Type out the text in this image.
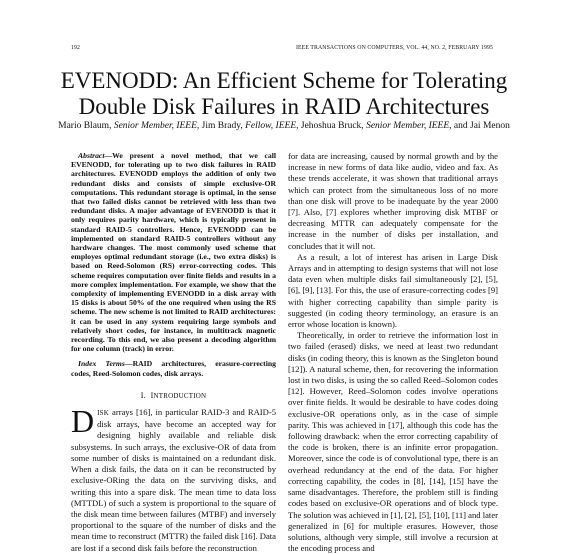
192	IEEE TRANSACTIONS ON COMPUTERS, VOL. 44, NO. 2, FEBRUARY 1995
EVENODD: An Efficient Scheme for Tolerating
Double Disk Failures in RAID Architectures
Mario Blaum, Senior Member, IEEE, Jim Brady, Fellow, IEEE, Jehoshua Bruck, Senior Member, IEEE, and Jai Menon

Abstract—We present a novel method, that we call EVENODD, for tolerating up to two disk failures in RAID architectures. EVENODD employs the addition of only two redundant disks and consists of simple exclusive-OR computations. This redundant storage is optimal, in the sense that two failed disks cannot be retrieved with less than two redundant disks. A major advantage of EVENODD is that it only requires parity hardware, which is typically present in standard RAID-5 controllers. Hence, EVENODD can be implemented on standard RAID-5 controllers without any hardware changes. The most commonly used scheme that employes optimal redundant storage (i.e., two extra disks) is based on Reed-Solomon (RS) error-correcting codes. This scheme requires computation over finite fields and results in a more complex implementation. For example, we show that the complexity of implementing EVENODD in a disk array with 15 disks is about 50% of the one required when using the RS scheme. The new scheme is not limited to RAID architectures: it can be used in any system requiring large symbols and relatively short codes, for instance, in multitrack magnetic recording. To this end, we also present a decoding algorithm for one column (track) in error.

Index Terms—RAID architectures, erasure-correcting codes, Reed-Solomon codes, disk arrays.

I. INTRODUCTION

DISK arrays [16], in particular RAID-3 and RAID-5 disk arrays, have become an accepted way for designing highly available and reliable disk subsystems. In such arrays, the exclusive-OR of data from some number of disks is maintained on a redundant disk. When a disk fails, the data on it can be reconstructed by exclusive-ORing the data on the surviving disks, and writing this into a spare disk. The mean time to data loss (MTTDL) of such a system is proportional to the square of the disk mean time between failures (MTBF) and inversely proportional to the square of the number of disks and the mean time to reconstruct (MTTR) the failed disk [16]. Data are lost if a second disk fails before the reconstruction

for data are increasing, caused by normal growth and by the increase in new forms of data like audio, video and fax. As these trends accelerate, it was shown that traditional arrays which can protect from the simultaneous loss of no more than one disk will prove to be inadequate by the year 2000 [7]. Also, [7] explores whether improving disk MTBF or decreasing MTTR can adequately compensate for the increase in the number of disks per installation, and concludes that it will not.

As a result, a lot of interest has arisen in Large Disk Arrays and in attempting to design systems that will not lose data even when multiple disks fail simultaneously [2], [5], [6], [9], [13]. For this, the use of erasure-correcting codes [9] with higher correcting capability than simple parity is suggested (in coding theory terminology, an erasure is an error whose location is known).

Theoretically, in order to retrieve the information lost in two failed (erased) disks, we need at least two redundant disks (in coding theory, this is known as the Singleton bound [12]). A natural scheme, then, for recovering the information lost in two disks, is using the so called Reed–Solomon codes [12]. However, Reed–Solomon codes involve operations over finite fields. It would be desirable to have codes doing exclusive-OR operations only, as in the case of simple parity. This was achieved in [17], although this code has the following drawback: when the error correcting capability of the code is broken, there is an infinite error propagation. Moreover, since the code is of convolutional type, there is an overhead redundancy at the end of the data. For higher correcting capability, the codes in [8], [14], [15] have the same disadvantages. Therefore, the problem still is finding codes based on exclusive-OR operations and of block type. The solution was achieved in [1], [2], [5], [10], [11] and later generalized in [6] for multiple erasures. However, those solutions, although very simple, still involve a recursion at the encoding process and
